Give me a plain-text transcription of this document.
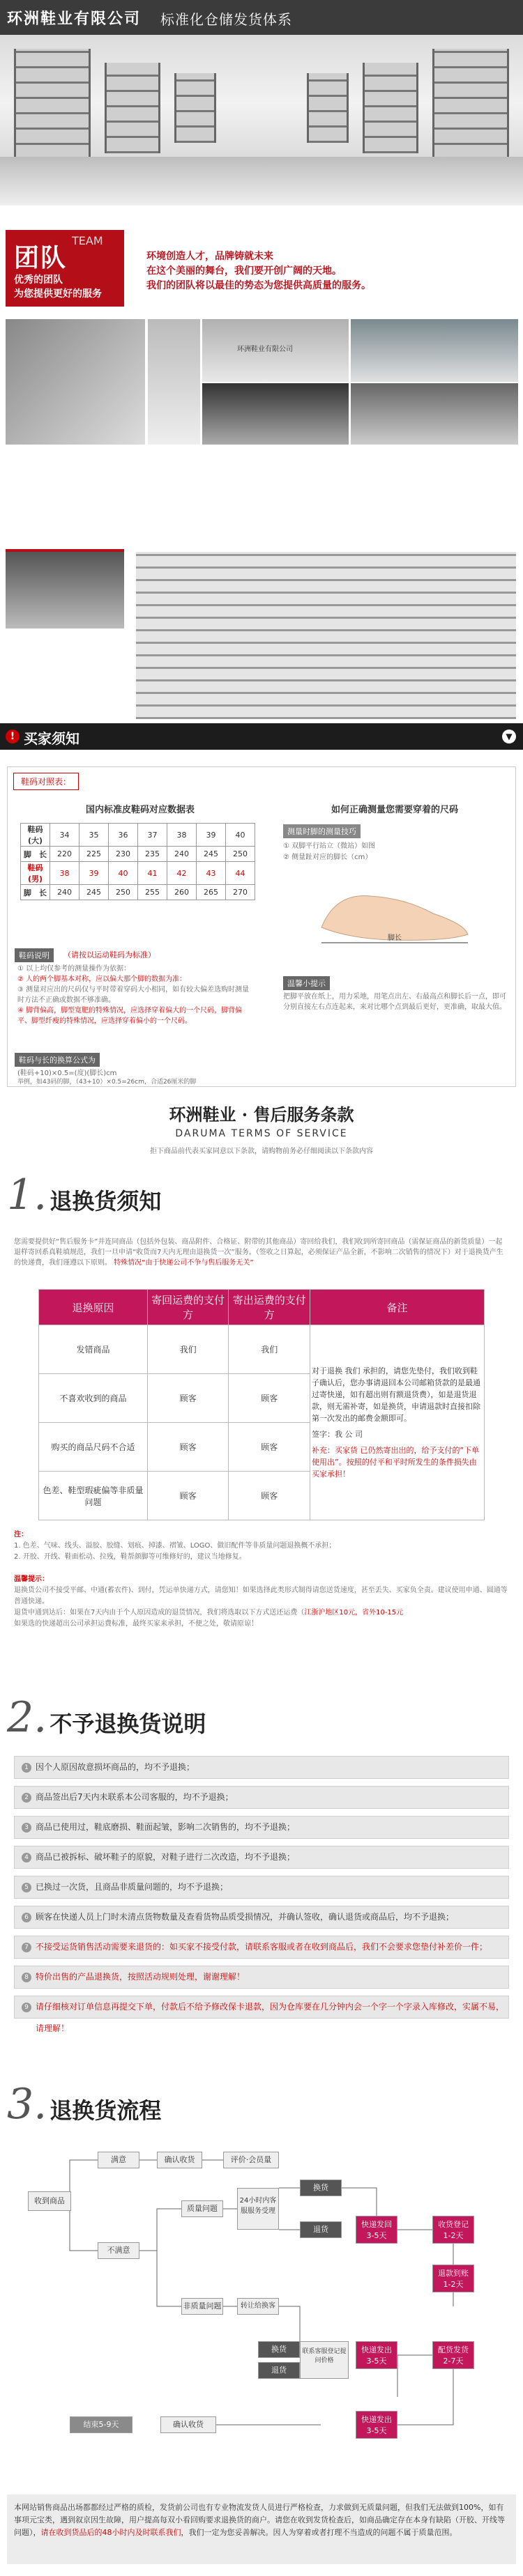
环洲鞋业有限公司 标准化仓储发货体系
团队
TEAM
优秀的团队
为您提供更好的服务
环境创造人才，品牌铸就未来
在这个美丽的舞台，我们要开创广阔的天地。
我们的团队将以最佳的势态为您提供高质量的服务。
环洲鞋业有限公司
! 买家须知	▼
鞋码对照表：
国内标准皮鞋码对应数据表
鞋码(大)	34	35	36	37	38	39	40
脚　长	220	225	230	235	240	245	250
鞋码(男)	38	39	40	41	42	43	44
脚　长	240	245	250	255	260	265	270
如何正确测量您需要穿着的尺码
测量时脚的测量技巧
① 双脚平行站立（微站）如图
② 侧量趾对应的脚长（cm）
脚长
鞋码说明	（请按以运动鞋码为标准）
① 以上均仅参考的测量操作为依据：
② 人的两个脚基本对称，应以偏大那个脚的数据为准：
③ 测量对应出的尺码仅与平时带着穿码大小相同，如有较大偏差选购时测量时方法不正确或数据不够准确。
④ 脚背偏高，脚型宽肥的特殊情况，应选择穿着偏大的一个尺码，脚背偏平、脚型纤瘦的特殊情况，应选择穿着偏小的一个尺码。
鞋码与长的换算公式为
(鞋码+10)×0.5=(度)(脚长)cm
举例，如43码的脚，（43+10）×0.5=26cm，合适26厘米的脚
温馨小提示
把脚平放在纸上，用力采地，用笔点出左、右最高点和脚长后一点，即可分别直接左右点连起来，来对比哪个点到最后更好，更准确，取最大值。
环洲鞋业 · 售后服务条款
DARUMA TERMS OF SERVICE
拒下商品前代表买家同意以下条款，请购物前务必仔细阅读以下条款内容
1. 退换货须知
您需要提供好“售后服务卡”并连同商品（包括外包装、商品附件、合格证、附带的其他商品）寄回给我们，我们收到所寄回商品（需保证商品的新货质量）一起退样寄回系真鞋填规范，我们一旦申请“收货而7天内无理由退换货一次”服务。（签收之日算起，必须保证产品全新，不影响二次销售的情况下）对于退换货产生的快递费，我们谨遵以下原则。 特殊情况“由于快递公司不争与售后服务无关”
退换原因	寄回运费的支付方	寄出运费的支付方	备注
发错商品	我们	我们	对于退换 我们 承担的，请您先垫付，我们收到鞋子确认后，您办事请退回本公司邮箱货款的是最通过寄快递，如有超出则有额退货费），如是退货退款，则无需补寄，如是换货，申请退款时直接扣除第一次发出的邮费金额即可。
签字：我 公 司
补充：买家货 已仍然寄出出的，给予支付的“下单使用出”。按照的付平和平时所发生的条件损失由买家承担！

不喜欢收到的商品	顾客	顾客	
购买的商品尺码不合适	顾客	顾客	
色差、鞋型瑕疵偏等非质量问题	顾客	顾客	
注：
1. 色差、气味、线头、溢胶、胶缝、划痕、掉漆、褶皱、LOGO、做旧配件等非质量问题退换概不承担；
2. 开胶、开线、鞋面松动、拉残，鞋帮颜脚等可维修好的，建议当地修复。
温馨提示：
退换货公司不接受平邮、中通(蓄农件)、到付，凭运单快递方式，请您知！如果选择此类形式制得请您送货速度，甚至丢失、买家负全责。建议使用申通、圆通等普通快递。
退货申通到达后：如果在7天内由于个人原因造成的退货情况，我们将选取以下方式送还运费（江浙沪地区10元，省外10-15元
如果选的快递超出公司承担运费标准，最终买家来承担，不便之处，敬请原谅！
2. 不予退换货说明
1 因个人原因故意损坏商品的，均不予退换；
2 商品签出后7天内未联系本公司客服的，均不予退换；
3 商品已使用过，鞋底磨损、鞋面起皱，影响二次销售的，均不予退换；
4 商品已被拆标、破坏鞋子的原貌，对鞋子进行二次改造，均不予退换；
5 已换过一次货，且商品非质量问题的，均不予退换；
6 顾客在快递人员上门时未清点货物数量及查看货物品质受损情况，并确认签收，确认退货或商品后，均不予退换；
7 不接受运货销售活动需要来退货的：如买家不接受付款，请联系客服或者在收到商品后，我们不会要求您垫付补差价一件；
8 特价出售的产品退换货，按照活动规则处理，谢谢理解！
9 请仔细核对订单信息再提交下单，付款后不给予修改保卡退款，因为仓库要在几分钟内会一个字一个字录入库修改，实属不易，请理解！
3. 退换货流程
收到商品
满意	确认收货	评价·会员量
不满意
质量问题
24小时内客服服务受理
换货
退货
非质量问题	转让给换客
换货
退货
联系客服登记提问价格
快递发回
3-5天
收货登记
1-2天
退款到账
1-2天
快递发出
3-5天
配货发货
2-7天
快递发出
3-5天
结束5-9天	确认收货
本网站销售商品出场都都经过严格的质检，发货前公司也有专业物流发货人员进行严格检查，力求做到无质量问题，但我们无法做到100%，如有事项元宝类，遇到叙京因生故障，用户提高每双小看回购要求退换货的商户。请您在收到发货检查后，如商品确定存在本身有缺陷（开胶、开线等问题），请在收到货品后的48小时内及时联系我们，我们一定为您妥善解决。因人为穿着或者打理不当造成的问题不属于质量范围。
